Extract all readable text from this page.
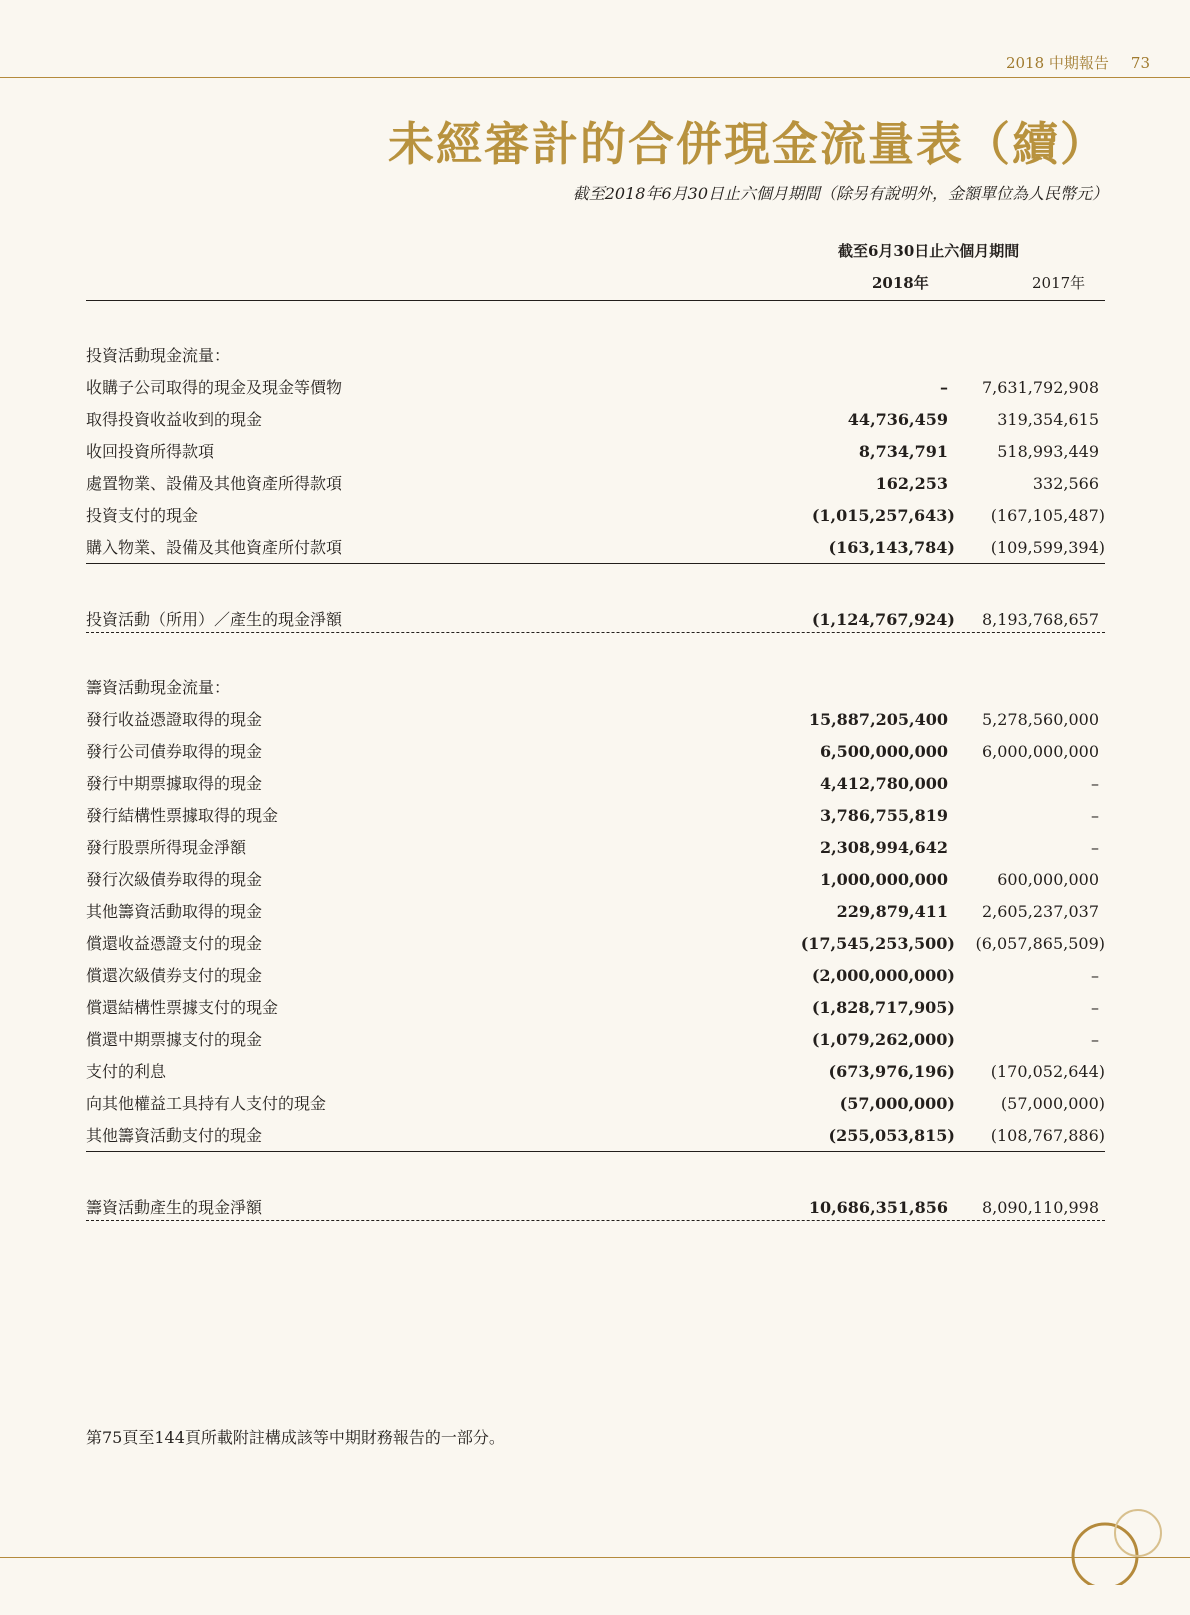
2018 中期報告 73
未經審計的合併現金流量表（續）
截至2018年6月30日止六個月期間（除另有說明外，金額單位為人民幣元）
截至6月30日止六個月期間
2018年	2017年
投資活動現金流量：
收購子公司取得的現金及現金等價物	– 7,631,792,908
取得投資收益收到的現金	44,736,459	319,354,615
收回投資所得款項	8,734,791	518,993,449
處置物業、設備及其他資產所得款項	162,253	332,566
投資支付的現金	(1,015,257,643) (167,105,487)
購入物業、設備及其他資產所付款項	(163,143,784) (109,599,394)
投資活動（所用）／產生的現金淨額	(1,124,767,924) 8,193,768,657
籌資活動現金流量：
發行收益憑證取得的現金	15,887,205,400 5,278,560,000
發行公司債券取得的現金	6,500,000,000 6,000,000,000
發行中期票據取得的現金	4,412,780,000	–
發行結構性票據取得的現金	3,786,755,819	–
發行股票所得現金淨額	2,308,994,642	–
發行次級債券取得的現金	1,000,000,000	600,000,000
其他籌資活動取得的現金	229,879,411 2,605,237,037
償還收益憑證支付的現金	(17,545,253,500) (6,057,865,509)
償還次級債券支付的現金	(2,000,000,000)	–
償還結構性票據支付的現金	(1,828,717,905)	–
償還中期票據支付的現金	(1,079,262,000)	–
支付的利息	(673,976,196) (170,052,644)
向其他權益工具持有人支付的現金	(57,000,000)	(57,000,000)
其他籌資活動支付的現金	(255,053,815) (108,767,886)
籌資活動產生的現金淨額	10,686,351,856 8,090,110,998
第75頁至144頁所載附註構成該等中期財務報告的一部分。
